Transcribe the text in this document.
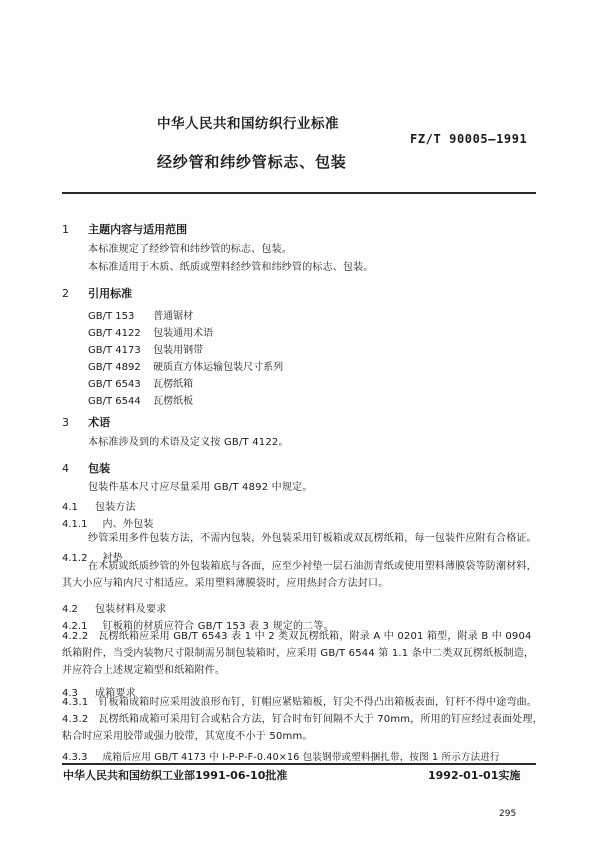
中华人民共和国纺织行业标准
FZ/T 90005—1991
经纱管和纬纱管标志、包装
1 主题内容与适用范围
本标准规定了经纱管和纬纱管的标志、包装。
本标准适用于木质、纸质或塑料经纱管和纬纱管的标志、包装。
2 引用标准
GB/T 153 普通锯材
GB/T 4122 包装通用术语
GB/T 4173 包装用钢带
GB/T 4892 硬质直方体运输包装尺寸系列
GB/T 6543 瓦楞纸箱
GB/T 6544 瓦楞纸板
3 术语
本标准涉及到的术语及定义按 GB/T 4122。
4 包装
包装件基本尺寸应尽量采用 GB/T 4892 中规定。
4.1 包装方法
4.1.1 内、外包装
纱管采用多件包装方法，不需内包装，外包装采用钉板箱或双瓦楞纸箱，每一包装件应附有合格证。
4.1.2 衬垫
在木质或纸质纱管的外包装箱底与各面，应至少衬垫一层石油沥青纸或使用塑料薄膜袋等防潮材料，其大小应与箱内尺寸相适应。采用塑料薄膜袋时，应用热封合方法封口。
4.2 包装材料及要求
4.2.1 钉板箱的材质应符合 GB/T 153 表 3 规定的二等。
4.2.2 瓦楞纸箱应采用 GB/T 6543 表 1 中 2 类双瓦楞纸箱，附录 A 中 0201 箱型，附录 B 中 0904 纸箱附件，当受内装物尺寸限制需另制包装箱时，应采用 GB/T 6544 第 1.1 条中二类双瓦楞纸板制造，并应符合上述规定箱型和纸箱附件。
4.3 成箱要求
4.3.1 钉板箱成箱时应采用波浪形布钉，钉帽应紧贴箱板，钉尖不得凸出箱板表面，钉杆不得中途弯曲。
4.3.2 瓦楞纸箱成箱可采用钉合或粘合方法，钉合时布钉间隔不大于 70mm，所用的钉应经过表面处理，粘合时应采用胶带或强力胶带，其宽度不小于 50mm。
4.3.3 成箱后应用 GB/T 4173 中 I-P-P-F-0.40×16 包装钢带或塑料捆扎带，按图 1 所示方法进行
中华人民共和国纺织工业部1991-06-10批准	1992-01-01实施
295
